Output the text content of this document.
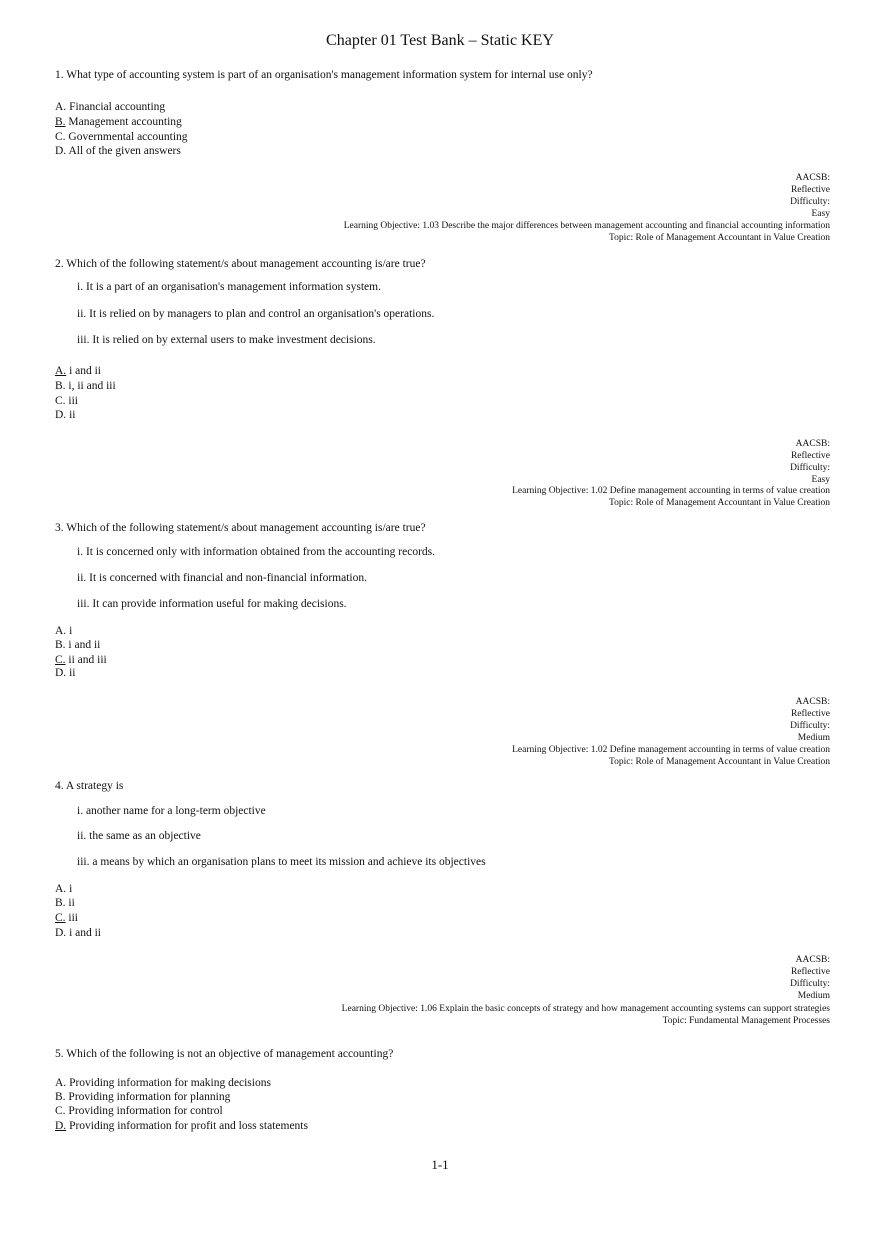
Chapter 01 Test Bank – Static KEY
1. What type of accounting system is part of an organisation's management information system for internal use only?
A. Financial accounting
B. Management accounting
C. Governmental accounting
D. All of the given answers
AACSB:
Reflective
Difficulty:
Easy
Learning Objective: 1.03 Describe the major differences between management accounting and financial accounting information
Topic: Role of Management Accountant in Value Creation
2. Which of the following statement/s about management accounting is/are true?
i. It is a part of an organisation's management information system.
ii. It is relied on by managers to plan and control an organisation's operations.
iii. It is relied on by external users to make investment decisions.
A. i and ii
B. i, ii and iii
C. iii
D. ii
AACSB:
Reflective
Difficulty:
Easy
Learning Objective: 1.02 Define management accounting in terms of value creation
Topic: Role of Management Accountant in Value Creation
3. Which of the following statement/s about management accounting is/are true?
i. It is concerned only with information obtained from the accounting records.
ii. It is concerned with financial and non-financial information.
iii. It can provide information useful for making decisions.
A. i
B. i and ii
C. ii and iii
D. ii
AACSB:
Reflective
Difficulty:
Medium
Learning Objective: 1.02 Define management accounting in terms of value creation
Topic: Role of Management Accountant in Value Creation
4. A strategy is
i. another name for a long-term objective
ii. the same as an objective
iii. a means by which an organisation plans to meet its mission and achieve its objectives
A. i
B. ii
C. iii
D. i and ii
AACSB:
Reflective
Difficulty:
Medium
Learning Objective: 1.06 Explain the basic concepts of strategy and how management accounting systems can support strategies
Topic: Fundamental Management Processes
5. Which of the following is not an objective of management accounting?
A. Providing information for making decisions
B. Providing information for planning
C. Providing information for control
D. Providing information for profit and loss statements
1-1
